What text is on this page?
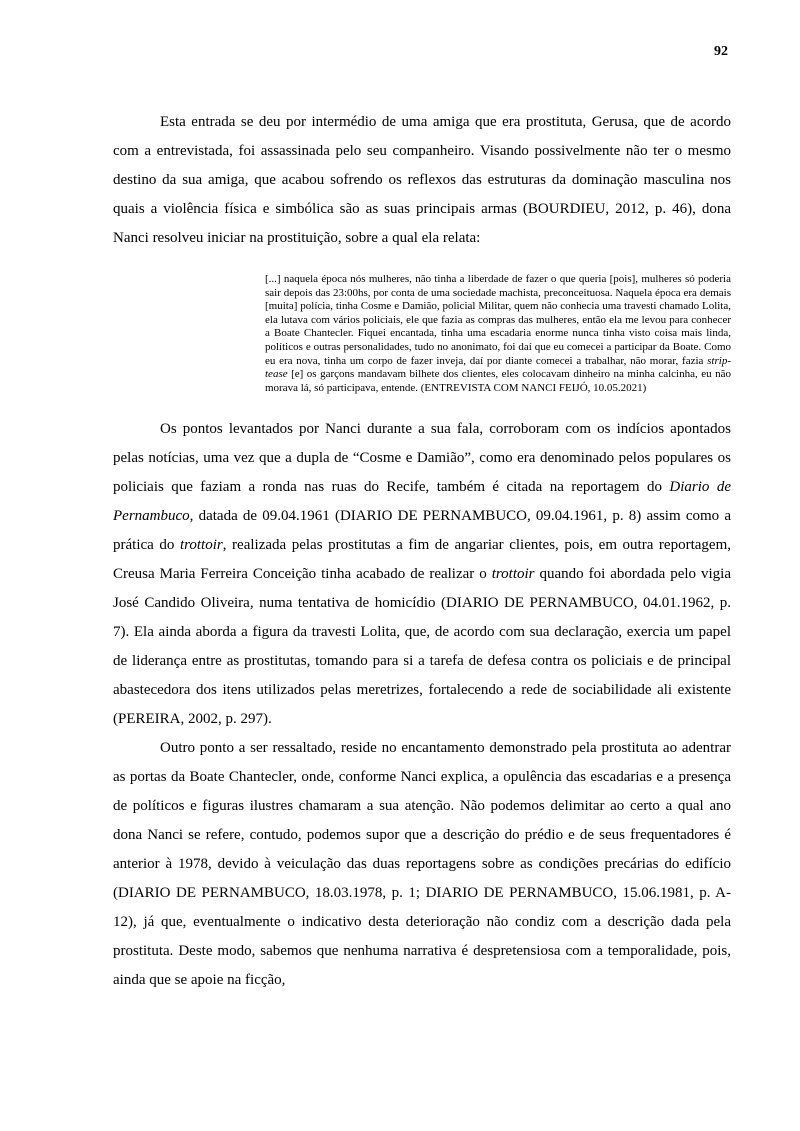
92

Esta entrada se deu por intermédio de uma amiga que era prostituta, Gerusa, que de acordo com a entrevistada, foi assassinada pelo seu companheiro. Visando possivelmente não ter o mesmo destino da sua amiga, que acabou sofrendo os reflexos das estruturas da dominação masculina nos quais a violência física e simbólica são as suas principais armas (BOURDIEU, 2012, p. 46), dona Nanci resolveu iniciar na prostituição, sobre a qual ela relata:

[...] naquela época nós mulheres, não tinha a liberdade de fazer o que queria [pois], mulheres só poderia sair depois das 23:00hs, por conta de uma sociedade machista, preconceituosa. Naquela época era demais [muita] polícia, tinha Cosme e Damião, policial Militar, quem não conhecia uma travesti chamado Lolita, ela lutava com vários policiais, ele que fazia as compras das mulheres, então ela me levou para conhecer a Boate Chantecler. Fiquei encantada, tinha uma escadaria enorme nunca tinha visto coisa mais linda, políticos e outras personalidades, tudo no anonimato, foi daí que eu comecei a participar da Boate. Como eu era nova, tinha um corpo de fazer inveja, daí por diante comecei a trabalhar, não morar, fazia strip-tease [e] os garçons mandavam bilhete dos clientes, eles colocavam dinheiro na minha calcinha, eu não morava lá, só participava, entende. (ENTREVISTA COM NANCI FEIJÓ, 10.05.2021)

Os pontos levantados por Nanci durante a sua fala, corroboram com os indícios apontados pelas notícias, uma vez que a dupla de “Cosme e Damião”, como era denominado pelos populares os policiais que faziam a ronda nas ruas do Recife, também é citada na reportagem do Diario de Pernambuco, datada de 09.04.1961 (DIARIO DE PERNAMBUCO, 09.04.1961, p. 8) assim como a prática do trottoir, realizada pelas prostitutas a fim de angariar clientes, pois, em outra reportagem, Creusa Maria Ferreira Conceição tinha acabado de realizar o trottoir quando foi abordada pelo vigia José Candido Oliveira, numa tentativa de homicídio (DIARIO DE PERNAMBUCO, 04.01.1962, p. 7). Ela ainda aborda a figura da travesti Lolita, que, de acordo com sua declaração, exercia um papel de liderança entre as prostitutas, tomando para si a tarefa de defesa contra os policiais e de principal abastecedora dos itens utilizados pelas meretrizes, fortalecendo a rede de sociabilidade ali existente (PEREIRA, 2002, p. 297).

Outro ponto a ser ressaltado, reside no encantamento demonstrado pela prostituta ao adentrar as portas da Boate Chantecler, onde, conforme Nanci explica, a opulência das escadarias e a presença de políticos e figuras ilustres chamaram a sua atenção. Não podemos delimitar ao certo a qual ano dona Nanci se refere, contudo, podemos supor que a descrição do prédio e de seus frequentadores é anterior à 1978, devido à veiculação das duas reportagens sobre as condições precárias do edifício (DIARIO DE PERNAMBUCO, 18.03.1978, p. 1; DIARIO DE PERNAMBUCO, 15.06.1981, p. A-12), já que, eventualmente o indicativo desta deterioração não condiz com a descrição dada pela prostituta. Deste modo, sabemos que nenhuma narrativa é despretensiosa com a temporalidade, pois, ainda que se apoie na ficção,
